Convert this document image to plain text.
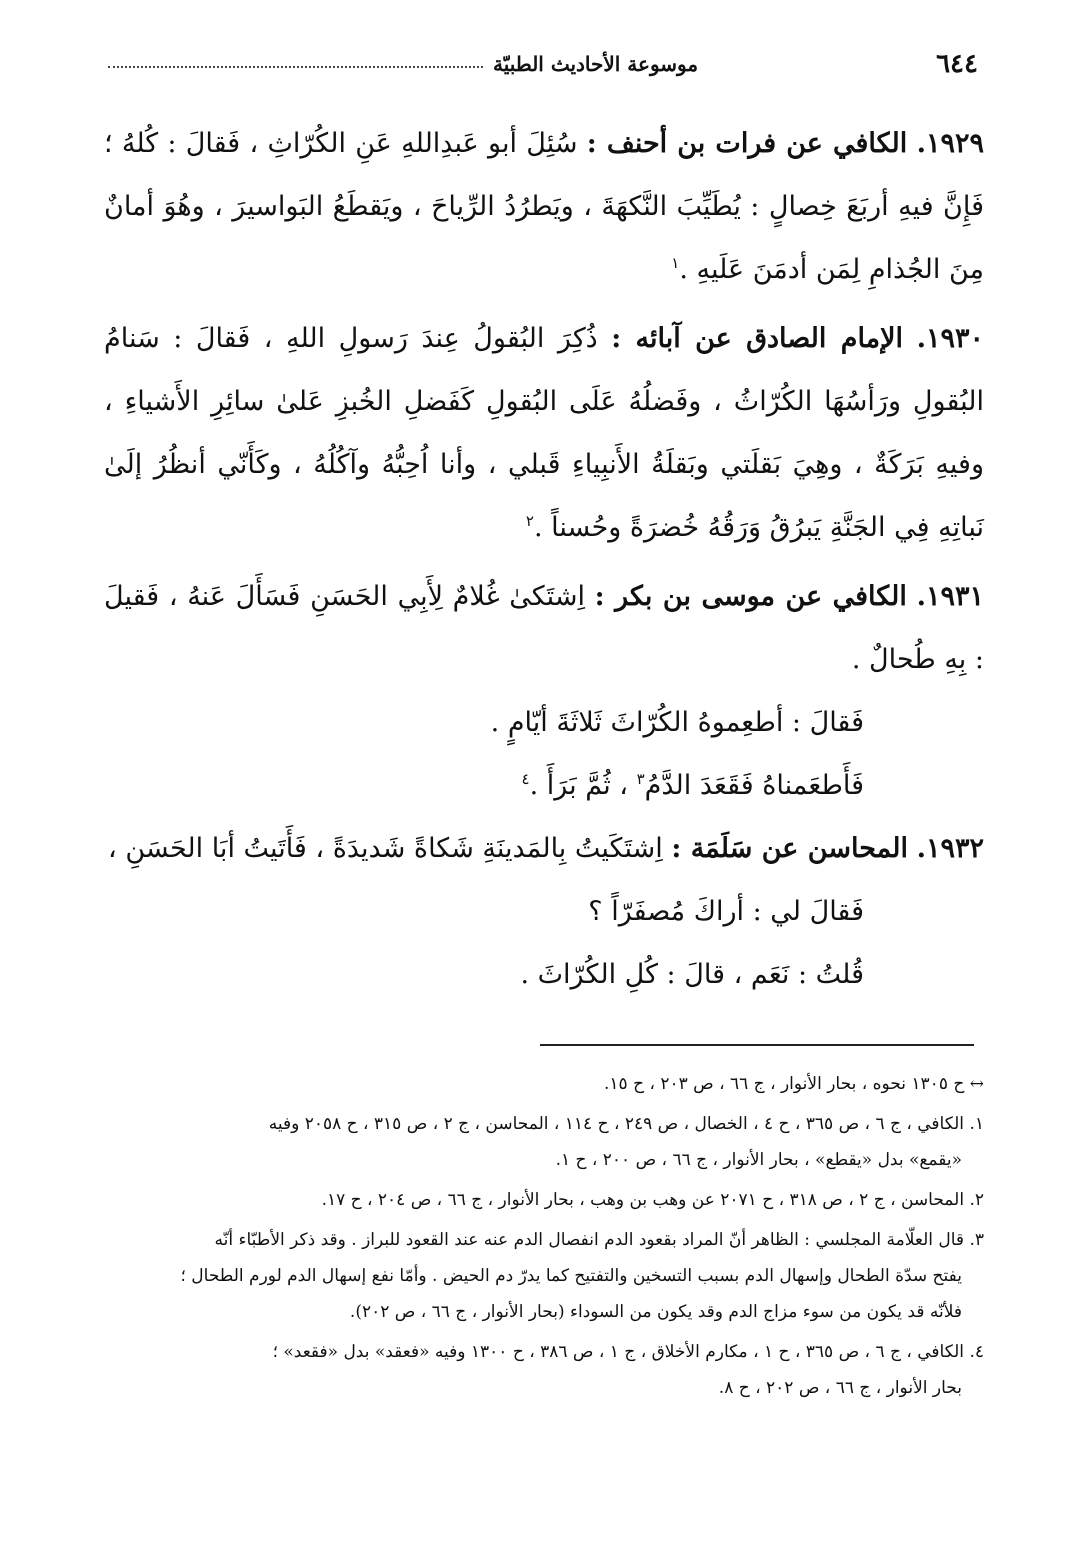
٦٤٤
موسوعة الأحاديث الطبيّة

١٩٢٩. الكافي عن فرات بن أحنف : سُئِلَ أبو عَبدِاللهِ عَنِ الكُرّاثِ ، فَقالَ : كُلهُ ؛ فَإِنَّ فيهِ أربَعَ خِصالٍ : يُطَيِّبَ النَّكهَةَ ، ويَطرُدُ الرِّياحَ ، ويَقطَعُ البَواسيرَ ، وهُوَ أمانٌ مِنَ الجُذامِ لِمَن أدمَنَ عَلَيهِ .$^١$

١٩٣٠. الإمام الصادق عن آبائه : ذُكِرَ البُقولُ عِندَ رَسولِ اللهِ ، فَقالَ : سَنامُ البُقولِ ورَأسُهَا الكُرّاثُ ، وفَضلُهُ عَلَى البُقولِ كَفَضلِ الخُبزِ عَلىٰ سائِرِ الأَشياءِ ، وفيهِ بَرَكَةٌ ، وهِيَ بَقلَتي وبَقلَةُ الأَنبِياءِ قَبلي ، وأنا اُحِبُّهُ وآكُلُهُ ، وكَأَنّي أنظُرُ إلَىٰ نَباتِهِ فِي الجَنَّةِ يَبرُقُ وَرَقُهُ خُضرَةً وحُسناً .$^٢$

١٩٣١. الكافي عن موسى بن بكر : اِشتَكىٰ غُلامٌ لِأَبِي الحَسَنِ فَسَأَلَ عَنهُ ، فَقيلَ : بِهِ طُحالٌ .

فَقالَ : أطعِموهُ الكُرّاثَ ثَلاثَةَ أيّامٍ .

فَأَطعَمناهُ فَقَعَدَ الدَّمُ$^٣$ ، ثُمَّ بَرَأَ .$^٤$

١٩٣٢. المحاسن عن سَلَمَة : اِشتَكَيتُ بِالمَدينَةِ شَكاةً شَديدَةً ، فَأَتَيتُ أبَا الحَسَنِ ،

فَقالَ لي : أراكَ مُصفَرّاً ؟

قُلتُ : نَعَم ، قالَ : كُلِ الكُرّاثَ .

↔ ح ١٣٠٥ نحوه ، بحار الأنوار ، ج ٦٦ ، ص ٢٠٣ ، ح ١٥.

١. الكافي ، ج ٦ ، ص ٣٦٥ ، ح ٤ ، الخصال ، ص ٢٤٩ ، ح ١١٤ ، المحاسن ، ج ٢ ، ص ٣١٥ ، ح ٢٠٥٨ وفيه
«يقمع» بدل «يقطع» ، بحار الأنوار ، ج ٦٦ ، ص ٢٠٠ ، ح ١.

٢. المحاسن ، ج ٢ ، ص ٣١٨ ، ح ٢٠٧١ عن وهب بن وهب ، بحار الأنوار ، ج ٦٦ ، ص ٢٠٤ ، ح ١٧.

٣. قال العلّامة المجلسي : الظاهر أنّ المراد بقعود الدم انفصال الدم عنه عند القعود للبراز . وقد ذكر الأطبّاء أنّه
يفتح سدّة الطحال وإسهال الدم بسبب التسخين والتفتيح كما يدرّ دم الحيض . وأمّا نفع إسهال الدم لورم الطحال ؛
فلأنّه قد يكون من سوء مزاج الدم وقد يكون من السوداء (بحار الأنوار ، ج ٦٦ ، ص ٢٠٢).

٤. الكافي ، ج ٦ ، ص ٣٦٥ ، ح ١ ، مكارم الأخلاق ، ج ١ ، ص ٣٨٦ ، ح ١٣٠٠ وفيه «فعقد» بدل «فقعد» ؛
بحار الأنوار ، ج ٦٦ ، ص ٢٠٢ ، ح ٨.
